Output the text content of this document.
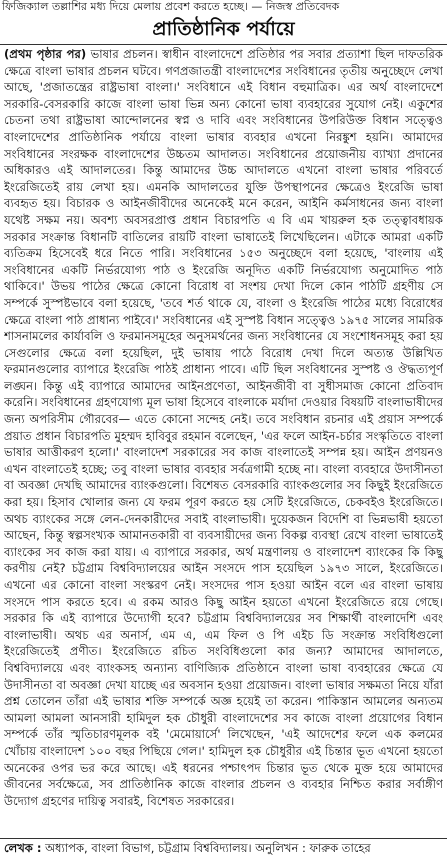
ফিজিক্যাল তল্লাশির মধ্য দিয়ে মেলায় প্রবেশ করতে হচ্ছে। — নিজস্ব প্রতিবেদক
প্রাতিষ্ঠানিক পর্যায়ে

(প্রথম পৃষ্ঠার পর) ভাষার প্রচলন। স্বাধীন বাংলাদেশে প্রতিষ্ঠার পর সবার প্রত্যাশা ছিল দাফতরিক ক্ষেত্রে বাংলা ভাষার প্রচলন ঘটবে। গণপ্রজাতন্ত্রী বাংলাদেশের সংবিধানের তৃতীয় অনুচ্ছেদে লেখা আছে, 'প্রজাতন্ত্রের রাষ্ট্রভাষা বাংলা।' সংবিধানে এই বিধান বহুমাত্রিক। এর অর্থ বাংলাদেশে সরকারি-বেসরকারি কাজে বাংলা ভাষা ভিন্ন অন্য কোনো ভাষা ব্যবহারের সুযোগ নেই। একুশের চেতনা তথা রাষ্ট্রভাষা আন্দোলনের স্বপ্ন ও দাবি এবং সংবিধানের উপরিউক্ত বিধান সত্ত্বেও বাংলাদেশের প্রাতিষ্ঠানিক পর্যায়ে বাংলা ভাষার ব্যবহার এখনো নিরঙ্কুশ হয়নি। আমাদের সংবিধানের সংরক্ষক বাংলাদেশের উচ্চতম আদালত। সংবিধানের প্রয়োজনীয় ব্যাখ্যা প্রদানের অধিকারও এই আদালতের। কিন্তু আমাদের উচ্চ আদালতে এখনো বাংলা ভাষার পরিবর্তে ইংরেজিতেই রায় লেখা হয়। এমনকি আদালতের যুক্তি উপস্থাপনের ক্ষেত্রেও ইংরেজি ভাষা ব্যবহৃত হয়। বিচারক ও আইনজীবীদের অনেকেই মনে করেন, আইনি কর্মসাধনের জন্য বাংলা যথেষ্ট সক্ষম নয়। অবশ্য অবসরপ্রাপ্ত প্রধান বিচারপতি এ বি এম খায়রুল হক তত্ত্বাবধায়ক সরকার সংক্রান্ত বিধানটি বাতিলের রায়টি বাংলা ভাষাতেই লিখেছিলেন। এটাকে আমরা একটি ব্যতিক্রম হিসেবেই ধরে নিতে পারি। সংবিধানের ১৫৩ অনুচ্ছেদে বলা হয়েছে, 'বাংলায় এই সংবিধানের একটি নির্ভরযোগ্য পাঠ ও ইংরেজি অনূদিত একটি নির্ভরযোগ্য অনুমোদিত পাঠ থাকিবে।' উভয় পাঠের ক্ষেত্রে কোনো বিরোধ বা সংশয় দেখা দিলে কোন পাঠটি গ্রহণীয় সে সম্পর্কে সুস্পষ্টভাবে বলা হয়েছে, 'তবে শর্ত থাকে যে, বাংলা ও ইংরেজি পাঠের মধ্যে বিরোধের ক্ষেত্রে বাংলা পাঠ প্রাধান্য পাইবে।' সংবিধানের এই সুস্পষ্ট বিধান সত্ত্বেও ১৯৭৫ সালের সামরিক শাসনামলের কার্যাবলি ও ফরমানসমূহের অনুসমর্থনের জন্য সংবিধানের যে সংশোধনসমূহ করা হয় সেগুলোর ক্ষেত্রে বলা হয়েছিল, দুই ভাষায় পাঠে বিরোধ দেখা দিলে অত্যন্ত উল্লিখিত ফরমানগুলোর ব্যাপারে ইংরেজি পাঠই প্রাধান্য পাবে। এটি ছিল সংবিধানের সুস্পষ্ট ও ঔদ্ধত্যপূর্ণ লঙ্ঘন। কিন্তু এই ব্যাপারে আমাদের আইনপ্রণেতা, আইনজীবী বা সুধীসমাজ কোনো প্রতিবাদ করেনি। সংবিধানের গ্রহণযোগ্য মূল ভাষা হিসেবে বাংলাকে মর্যাদা দেওয়ার বিষয়টি বাংলাভাষীদের জন্য অপরিসীম গৌরবের— এতে কোনো সন্দেহ নেই। তবে সংবিধান রচনার এই প্রয়াস সম্পর্কে প্রয়াত প্রধান বিচারপতি মুহম্মদ হাবিবুর রহমান বলেছেন, 'এর ফলে আইন-চর্চার সংস্কৃতিতে বাংলা ভাষার আত্তীকরণ হলো।' বাংলাদেশ সরকারের সব কাজ বাংলাতেই সম্পন্ন হয়। আইন প্রণয়নও এখন বাংলাতেই হচ্ছে; তবু বাংলা ভাষার ব্যবহার সর্বত্রগামী হচ্ছে না। বাংলা ব্যবহারে উদাসীনতা বা অবজ্ঞা দেখছি আমাদের ব্যাংকগুলো। বিশেষত বেসরকারি ব্যাংকগুলোর সব কিছুই ইংরেজিতে করা হয়। হিসাব খোলার জন্য যে ফরম পূরণ করতে হয় সেটি ইংরেজিতে, চেকবইও ইংরেজিতে। অথচ ব্যাংকের সঙ্গে লেন-দেনকারীদের সবাই বাংলাভাষী। দুয়েকজন বিদেশি বা ভিন্নভাষী হয়তো আছেন, কিন্তু স্বল্পসংখ্যক আমানতকারী বা ব্যবসায়ীদের জন্য বিকল্প ব্যবস্থা রেখে বাংলা ভাষাতেই ব্যাংকের সব কাজ করা যায়। এ ব্যাপারে সরকার, অর্থ মন্ত্রণালয় ও বাংলাদেশ ব্যাংকের কি কিছু করণীয় নেই? চট্টগ্রাম বিশ্ববিদ্যালয়ের আইন সংসদে পাস হয়েছিল ১৯৭৩ সালে, ইংরেজিতে। এখনো এর কোনো বাংলা সংস্করণ নেই। সংসদের পাস হওয়া আইন বলে এর বাংলা ভাষায় সংসদে পাস করতে হবে। এ রকম আরও কিছু আইন হয়তো এখনো ইংরেজিতে রয়ে গেছে। সরকার কি এই ব্যাপারে উদ্যোগী হবে? চট্টগ্রাম বিশ্ববিদ্যালয়ের সব শিক্ষার্থী বাংলাদেশি এবং বাংলাভাষী। অথচ এর অনার্স, এম এ, এম ফিল ও পি এইচ ডি সংক্রান্ত সংবিধিগুলো ইংরেজিতেই প্রণীত। ইংরেজিতে রচিত সংবিধিগুলো কার জন্য? আমাদের আদালতে, বিশ্ববিদ্যালয়ে এবং ব্যাংকসহ অন্যান্য বাণিজ্যিক প্রতিষ্ঠানে বাংলা ভাষা ব্যবহারের ক্ষেত্রে যে উদাসীনতা বা অবজ্ঞা দেখা যাচ্ছে এর অবসান হওয়া প্রয়োজন। বাংলা ভাষার সক্ষমতা নিয়ে যাঁরা প্রশ্ন তোলেন তাঁরা এই ভাষার শক্তি সম্পর্কে অজ্ঞ হয়েই তা করেন। পাকিস্তান আমলের অন্যতম আমলা আমলা আনসারী হামিদুল হক চৌধুরী বাংলাদেশের সব কাজে বাংলা প্রয়োগের বিধান সম্পর্কে তাঁর স্মৃতিচারণমূলক বই 'মেমোয়ার্সে' লিখেছেন, 'এই আদেশের ফলে এক কলমের খোঁচায় বাংলাদেশ ১০০ বছর পিছিয়ে গেল।' হামিদুল হক চৌধুরীর এই চিন্তার ভূত এখনো হয়তো অনেকের ওপর ভর করে আছে। এই ধরনের পশ্চাৎপদ চিন্তার ভূত থেকে মুক্ত হয়ে আমাদের জীবনের সর্বক্ষেত্রে, সব প্রাতিষ্ঠানিক কাজে বাংলার প্রচলন ও ব্যবহার নিশ্চিত করার সর্বাঙ্গীণ উদ্যোগ গ্রহণের দায়িত্ব সবারই, বিশেষত সরকারের।

লেখক : অধ্যাপক, বাংলা বিভাগ, চট্টগ্রাম বিশ্ববিদ্যালয়। অনুলিখন : ফারুক তাহের
